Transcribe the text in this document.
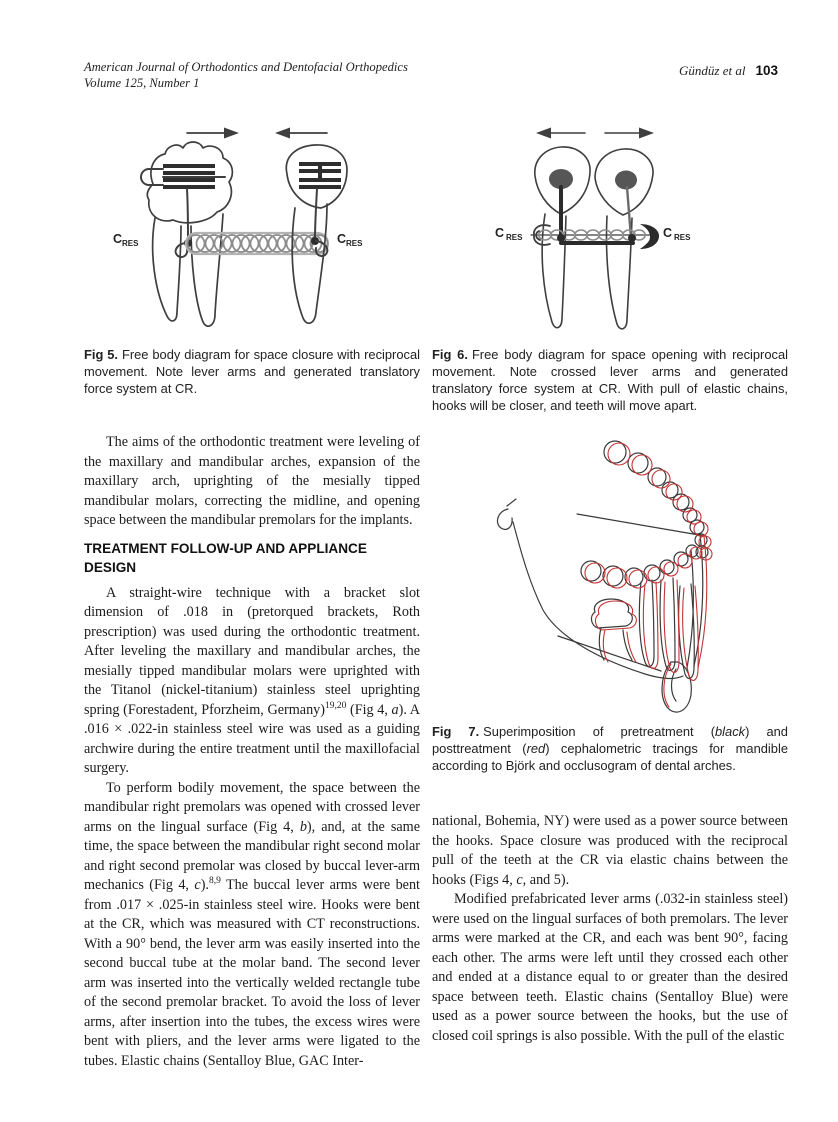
American Journal of Orthodontics and Dentofacial Orthopedics
Volume 125, Number 1
Gündüz et al 103
$C_{RES}$	$C_{RES}$
C $_{RES}$	C $_{RES}$
Fig 5. Free body diagram for space closure with reciprocal movement. Note lever arms and generated translatory force system at CR.
Fig 6. Free body diagram for space opening with reciprocal movement. Note crossed lever arms and generated translatory force system at CR. With pull of elastic chains, hooks will be closer, and teeth will move apart.
Fig 7. Superimposition of pretreatment (black) and posttreatment (red) cephalometric tracings for mandible according to Björk and occlusogram of dental arches.

The aims of the orthodontic treatment were leveling of the maxillary and mandibular arches, expansion of the maxillary arch, uprighting of the mesially tipped mandibular molars, correcting the midline, and opening space between the mandibular premolars for the implants.

TREATMENT FOLLOW-UP AND APPLIANCE DESIGN

A straight-wire technique with a bracket slot dimension of .018 in (pretorqued brackets, Roth prescription) was used during the orthodontic treatment. After leveling the maxillary and mandibular arches, the mesially tipped mandibular molars were uprighted with the Titanol (nickel-titanium) stainless steel uprighting spring (Forestadent, Pforzheim, Germany)$^{19,20}$ (Fig 4, a). A .016 × .022-in stainless steel wire was used as a guiding archwire during the entire treatment until the maxillofacial surgery.

To perform bodily movement, the space between the mandibular right premolars was opened with crossed lever arms on the lingual surface (Fig 4, b), and, at the same time, the space between the mandibular right second molar and right second premolar was closed by buccal lever-arm mechanics (Fig 4, c).$^{8,9}$ The buccal lever arms were bent from .017 × .025-in stainless steel wire. Hooks were bent at the CR, which was measured with CT reconstructions. With a 90° bend, the lever arm was easily inserted into the second buccal tube at the molar band. The second lever arm was inserted into the vertically welded rectangle tube of the second premolar bracket. To avoid the loss of lever arms, after insertion into the tubes, the excess wires were bent with pliers, and the lever arms were ligated to the tubes. Elastic chains (Sentalloy Blue, GAC Inter-

national, Bohemia, NY) were used as a power source between the hooks. Space closure was produced with the reciprocal pull of the teeth at the CR via elastic chains between the hooks (Figs 4, c, and 5).

Modified prefabricated lever arms (.032-in stainless steel) were used on the lingual surfaces of both premolars. The lever arms were marked at the CR, and each was bent 90°, facing each other. The arms were left until they crossed each other and ended at a distance equal to or greater than the desired space between teeth. Elastic chains (Sentalloy Blue) were used as a power source between the hooks, but the use of closed coil springs is also possible. With the pull of the elastic
